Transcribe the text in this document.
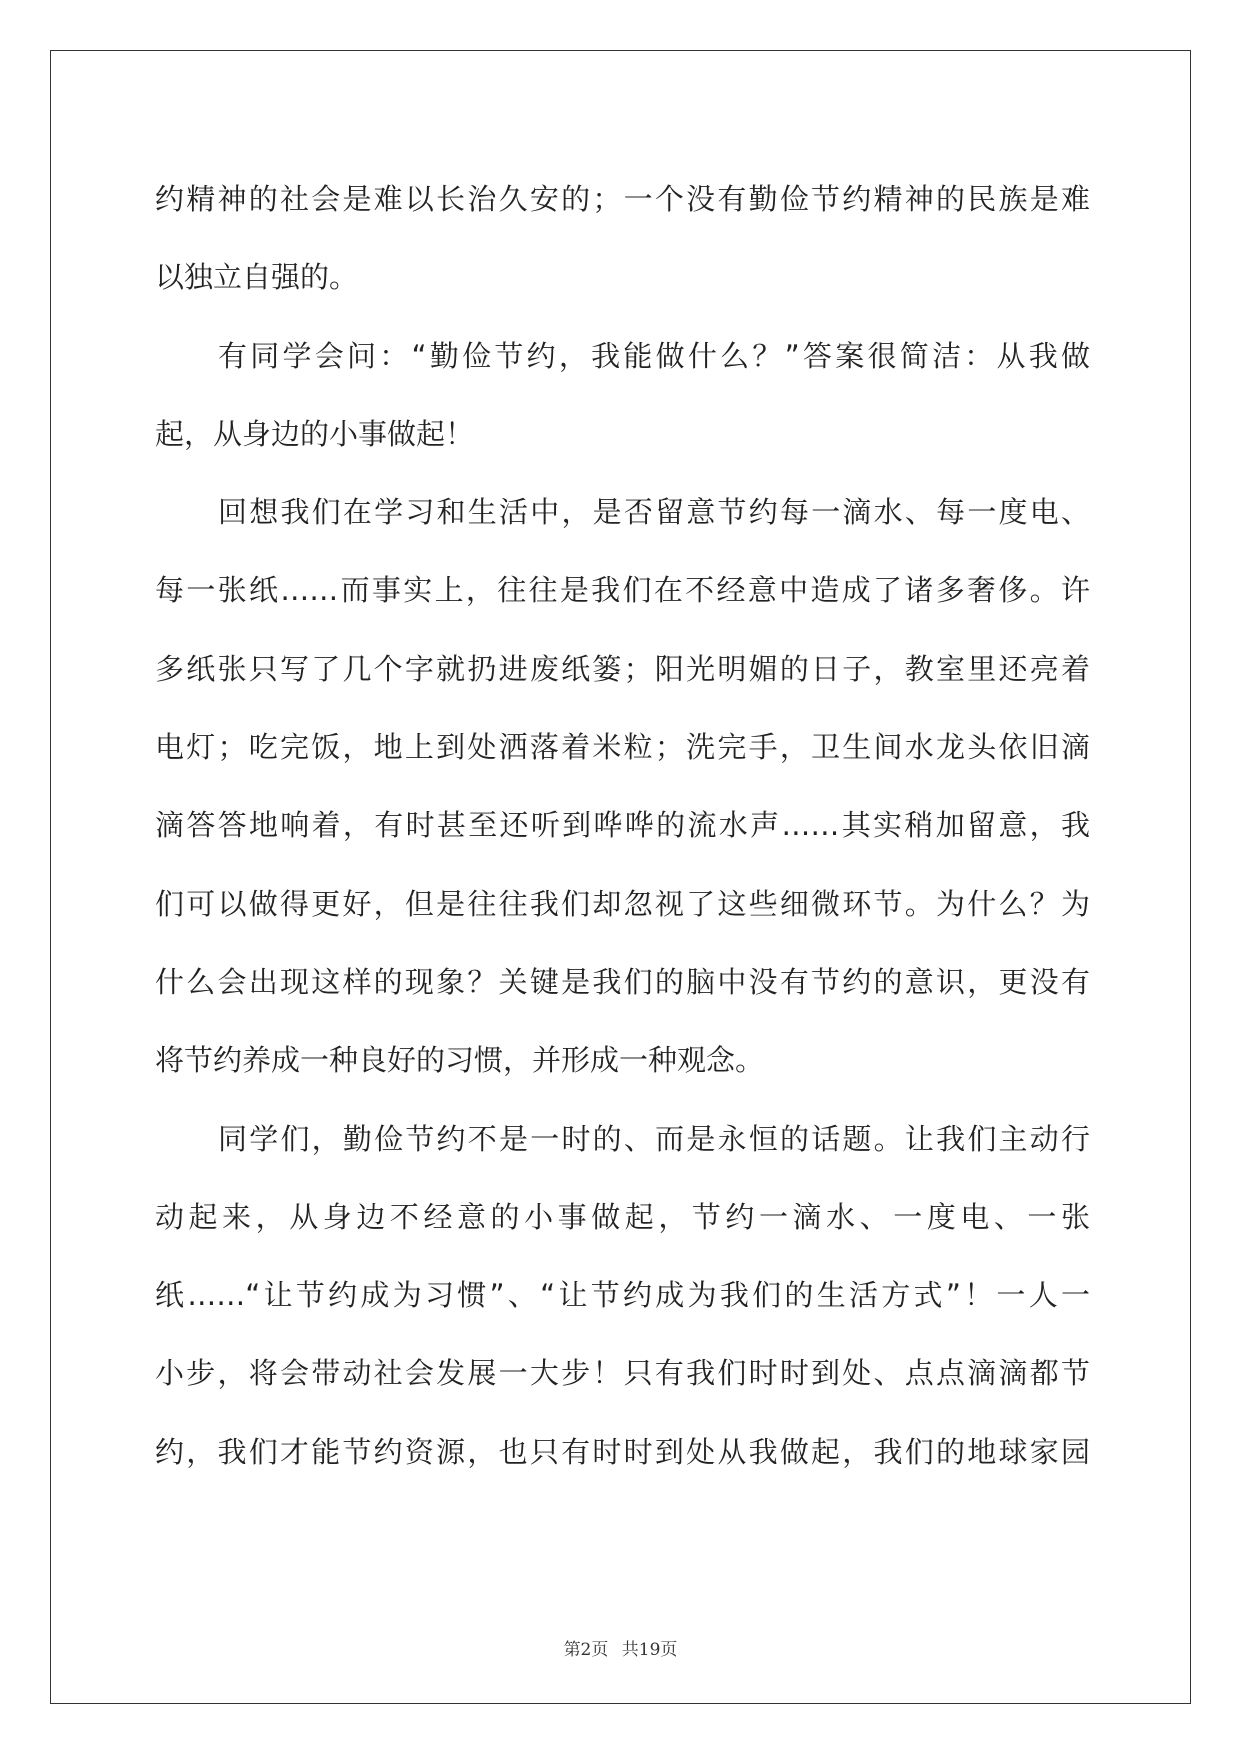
约精神的社会是难以长治久安的；一个没有勤俭节约精神的民族是难
以独立自强的。
有同学会问：“勤俭节约，我能做什么？”答案很简洁：从我做
起，从身边的小事做起！
回想我们在学习和生活中，是否留意节约每一滴水、每一度电、
每一张纸……而事实上，往往是我们在不经意中造成了诸多奢侈。许
多纸张只写了几个字就扔进废纸篓；阳光明媚的日子，教室里还亮着
电灯；吃完饭，地上到处洒落着米粒；洗完手，卫生间水龙头依旧滴
滴答答地响着，有时甚至还听到哗哗的流水声……其实稍加留意，我
们可以做得更好，但是往往我们却忽视了这些细微环节。为什么？为
什么会出现这样的现象？关键是我们的脑中没有节约的意识，更没有
将节约养成一种良好的习惯，并形成一种观念。
同学们，勤俭节约不是一时的、而是永恒的话题。让我们主动行
动起来，从身边不经意的小事做起，节约一滴水、一度电、一张
纸……“让节约成为习惯”、“让节约成为我们的生活方式”！一人一
小步，将会带动社会发展一大步！只有我们时时到处、点点滴滴都节
约，我们才能节约资源，也只有时时到处从我做起，我们的地球家园
第2页 共19页
